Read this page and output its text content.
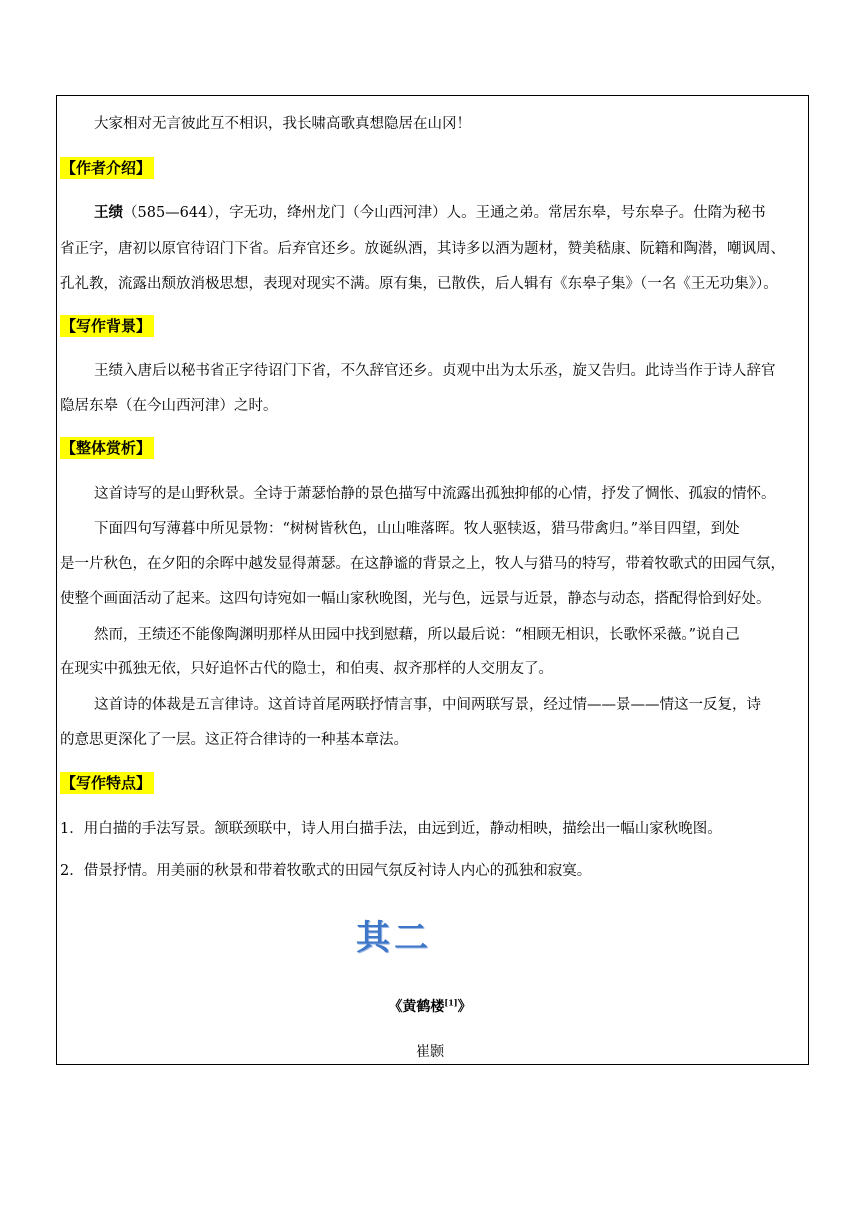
大家相对无言彼此互不相识，我长啸高歌真想隐居在山冈！
【作者介绍】
王绩（585—644），字无功，绛州龙门（今山西河津）人。王通之弟。常居东皋，号东皋子。仕隋为秘书
省正字，唐初以原官待诏门下省。后弃官还乡。放诞纵酒，其诗多以酒为题材，赞美嵇康、阮籍和陶潜，嘲讽周、
孔礼教，流露出颓放消极思想，表现对现实不满。原有集，已散佚，后人辑有《东皋子集》（一名《王无功集》）。
【写作背景】
王绩入唐后以秘书省正字待诏门下省，不久辞官还乡。贞观中出为太乐丞，旋又告归。此诗当作于诗人辞官
隐居东皋（在今山西河津）之时。
【整体赏析】
这首诗写的是山野秋景。全诗于萧瑟怡静的景色描写中流露出孤独抑郁的心情，抒发了惆怅、孤寂的情怀。
下面四句写薄暮中所见景物：“树树皆秋色，山山唯落晖。牧人驱犊返，猎马带禽归。”举目四望，到处
是一片秋色，在夕阳的余晖中越发显得萧瑟。在这静谧的背景之上，牧人与猎马的特写，带着牧歌式的田园气氛，
使整个画面活动了起来。这四句诗宛如一幅山家秋晚图，光与色，远景与近景，静态与动态，搭配得恰到好处。
然而，王绩还不能像陶渊明那样从田园中找到慰藉，所以最后说：“相顾无相识，长歌怀采薇。”说自己
在现实中孤独无依，只好追怀古代的隐士，和伯夷、叔齐那样的人交朋友了。
这首诗的体裁是五言律诗。这首诗首尾两联抒情言事，中间两联写景，经过情——景——情这一反复，诗
的意思更深化了一层。这正符合律诗的一种基本章法。
【写作特点】
1．用白描的手法写景。颔联颈联中，诗人用白描手法，由远到近，静动相映，描绘出一幅山家秋晚图。
2．借景抒情。用美丽的秋景和带着牧歌式的田园气氛反衬诗人内心的孤独和寂寞。
其二
《黄鹤楼[1]》
崔颢
